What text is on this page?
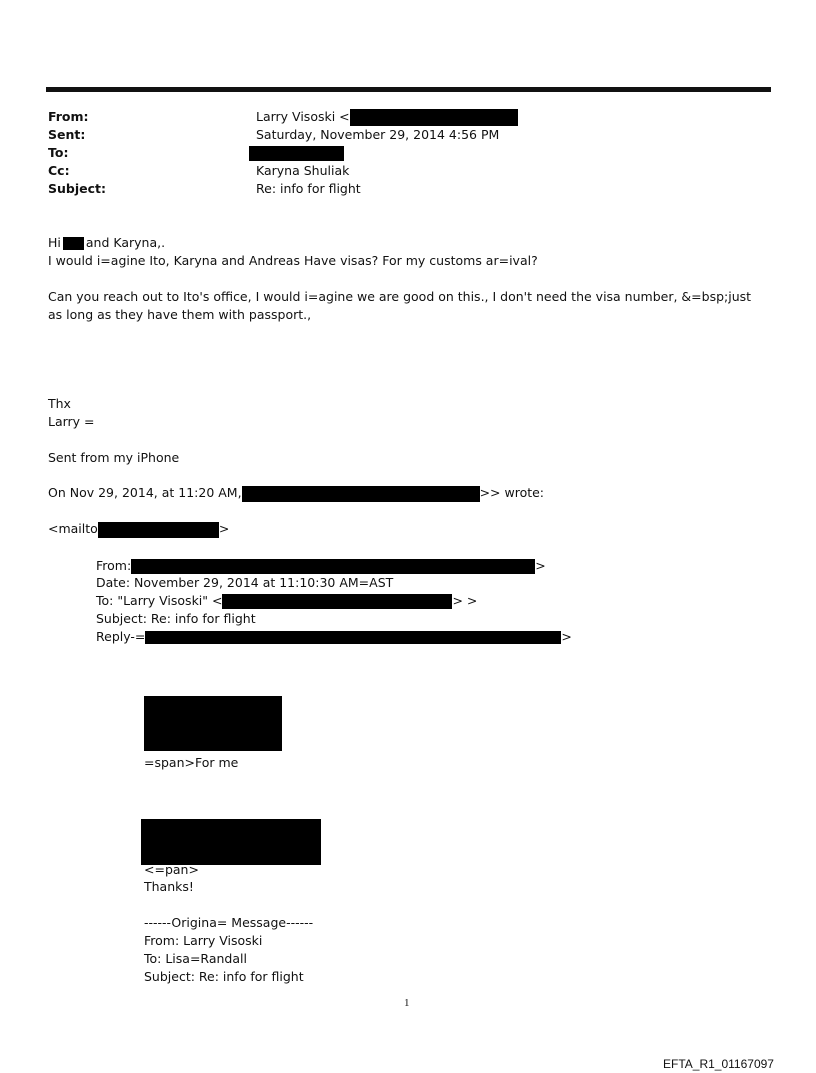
From:	Larry Visoski <
Sent:	Saturday, November 29, 2014 4:56 PM
To:
Cc:	Karyna Shuliak
Subject:	Re: info for flight
Hi and Karyna,.
I would i=agine Ito, Karyna and Andreas Have visas? For my customs ar=ival?
Can you reach out to Ito's office, I would i=agine we are good on this., I don't need the visa number, &=bsp;just as long as they have them with passport.,
Thx
Larry =
Sent from my iPhone
On Nov 29, 2014, at 11:20 AM,	>> wrote:
<mailto	>
From:	>
Date: November 29, 2014 at 11:10:30 AM=AST
To: "Larry Visoski" <	> >
Subject: Re: info for flight
Reply-=	>
=span>For me
<=pan>
Thanks!
------Origina= Message------
From: Larry Visoski
To: Lisa=Randall
Subject: Re: info for flight
1
EFTA_R1_01167097
